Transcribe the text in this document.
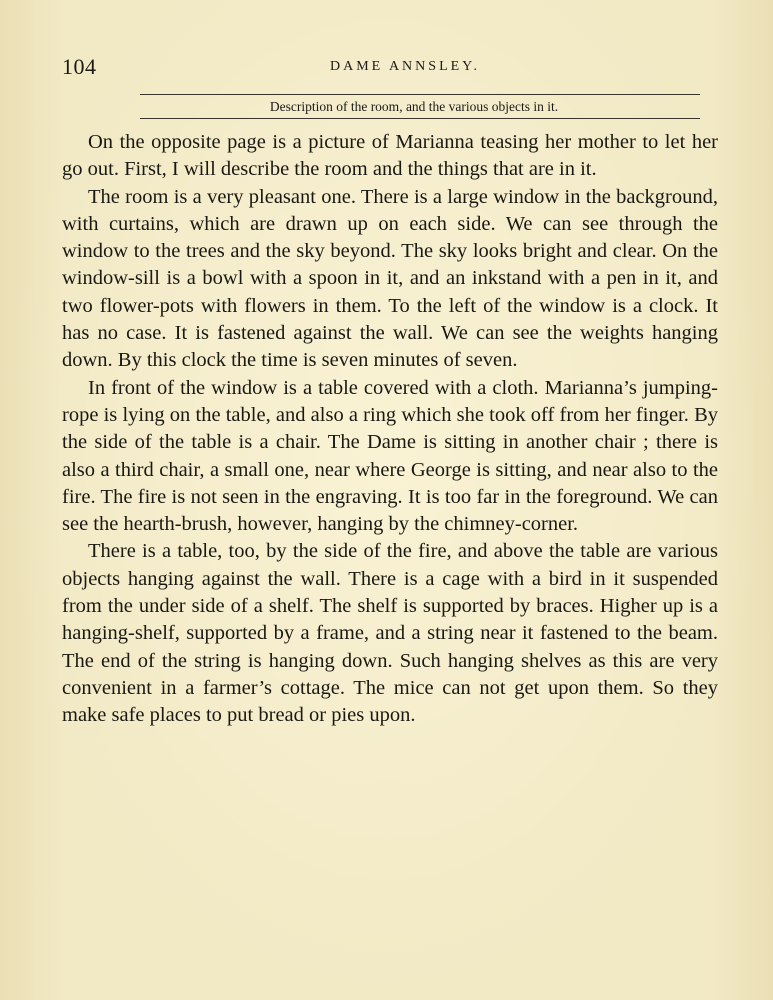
104	DAME ANNSLEY.

Description of the room, and the various objects in it.

On the opposite page is a picture of Marianna teasing her mother to let her go out. First, I will describe the room and the things that are in it.

The room is a very pleasant one. There is a large window in the background, with curtains, which are drawn up on each side. We can see through the window to the trees and the sky beyond. The sky looks bright and clear. On the window-sill is a bowl with a spoon in it, and an inkstand with a pen in it, and two flower-pots with flowers in them. To the left of the window is a clock. It has no case. It is fastened against the wall. We can see the weights hanging down. By this clock the time is seven minutes of seven.

In front of the window is a table covered with a cloth. Marianna’s jumping-rope is lying on the table, and also a ring which she took off from her finger. By the side of the table is a chair. The Dame is sitting in another chair ; there is also a third chair, a small one, near where George is sitting, and near also to the fire. The fire is not seen in the engraving. It is too far in the foreground. We can see the hearth-brush, however, hanging by the chimney-corner.

There is a table, too, by the side of the fire, and above the table are various objects hanging against the wall. There is a cage with a bird in it suspended from the under side of a shelf. The shelf is supported by braces. Higher up is a hanging-shelf, supported by a frame, and a string near it fastened to the beam. The end of the string is hanging down. Such hanging shelves as this are very convenient in a farmer’s cottage. The mice can not get upon them. So they make safe places to put bread or pies upon.
